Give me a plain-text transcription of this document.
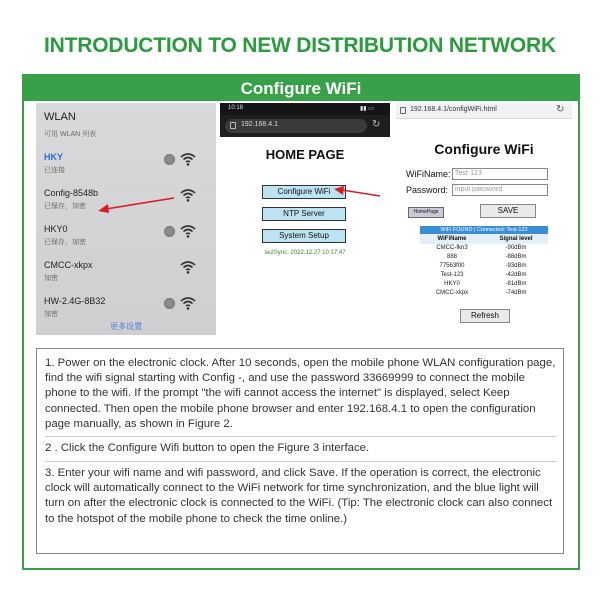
INTRODUCTION TO NEW DISTRIBUTION NETWORK
Configure WiFi
WLAN
可用 WLAN 列表
HKY
已连接
Config-8548b
已保存，加密
HKY0
已保存，加密
CMCC-xkpx
加密
HW-2.4G-8B32
加密
更多设置
10:18	▮▮ ▭
192.168.4.1	↻
HOME PAGE
Configure WiFi
NTP Server
System Setup
lastSync: 2022.12.27 10:17:47
192.168.4.1/configWiFi.html	↻
Configure WiFi
WiFiName: Test-123
Password: input password
HomePage	SAVE
WiFi FOUND | Connected: Test-123
WiFiName	Signal level
CMCC-fkn3	-90dBm
888	-88dBm
77563f00	-93dBm
Test-123	-42dBm
HKY0	-81dBm
CMCC-xkpx	-74dBm
Refresh

1. Power on the electronic clock. After 10 seconds, open the mobile phone WLAN configuration page, find the wifi signal starting with Config -, and use the password 33669999 to connect the mobile phone to the wifi. If the prompt "the wifi cannot access the internet" is displayed, select Keep connected. Then open the mobile phone browser and enter 192.168.4.1 to open the configuration page manually, as shown in Figure 2.

2 . Click the Configure Wifi button to open the Figure 3 interface.

3. Enter your wifi name and wifi password, and click Save. If the operation is correct, the electronic clock will automatically connect to the WiFi network for time synchronization, and the blue light will turn on after the electronic clock is connected to the WiFi. (Tip: The electronic clock can also connect to the hotspot of the mobile phone to check the time online.)
